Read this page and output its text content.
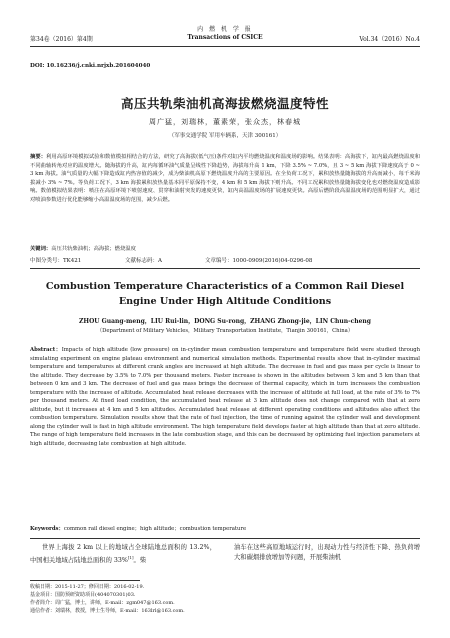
第34卷（2016）第4期
内 燃 机 学 报
Transactions of CSICE	Vol.34（2016）No.4
DOI: 10.16236/j.cnki.nrjxb.201604040
高压共轨柴油机高海拔燃烧温度特性
周广猛，刘瑞林，董素荣，张众杰，林春城
（军事交通学院 军用车辆系，天津 300161）
摘要：利用高原环境模拟试验和数值模拟相结合的方法，研究了高海拔(低气压)条件对缸内平均燃烧温度和温度场的影响。结果表明：高海拔下，缸内最高燃烧温度和不同曲轴转角对应的温度增大。随海拔的升高，缸内每循环油气质量呈线性下降趋势，海拔每升高 1 km，下降 3.5% ~ 7.0%，且 3 ~ 5 km 海拔下降速度高于 0 ~ 3 km 海拔。油气质量的大幅下降造成缸内热容值的减少，成为柴油机高原下燃烧温度升高的主要原因。在全负荷工况下，累积放热量随海拔的升高而减小，每千米海拔减小 3% ~ 7%。等负荷工况下，3 km 海拔累积放热量基本同平原保持不变，4 km 和 5 km 海拔下则升高。不同工况累积放热量随海拔变化也对燃烧温度造成影响。数值模拟结果表明：喷注在高原环境下喷射速度、贯穿和油射突发的速度更快，缸内高温温度场的扩展速度更快。高原后燃阶段高温温度场的范围明显扩大，通过对喷油参数进行优化能够缩小高温温度场的范围，减少后燃。
关键词：高压共轨柴油机；高海拔；燃烧温度
中图分类号：TK421	文献标志码：A	文章编号：1000-0909(2016)04-0296-08
Combustion Temperature Characteristics of a Common Rail Diesel
Engine Under High Altitude Conditions
ZHOU Guang-meng，LIU Rui-lin，DONG Su-rong，ZHANG Zhong-jie，LIN Chun-cheng
（Department of Military Vehicles，Military Transportation Institute，Tianjin 300161，China）
Abstract：Impacts of high altitude (low pressure) on in-cylinder mean combustion temperature and temperature field were studied through simulating experiment on engine plateau environment and numerical simulation methods. Experimental results show that in-cylinder maximal temperature and temperatures at different crank angles are increased at high altitude. The decrease in fuel and gas mass per cycle is linear to the altitude. They decrease by 3.5% to 7.0% per thousand meters. Faster increase is shown in the altitudes between 3 km and 5 km than that between 0 km and 3 km. The decrease of fuel and gas mass brings the decrease of thermal capacity, which in turn increases the combustion temperature with the increase of altitude. Accumulated heat release decreases with the increase of altitude at full load, at the rate of 3% to 7% per thousand meters. At fixed load condition, the accumulated heat release at 3 km altitude does not change compared with that at zero altitude, but it increases at 4 km and 5 km altitudes. Accumulated heat release at different operating conditions and altitudes also affect the combustion temperature. Simulation results show that the rate of fuel injection, the time of running against the cylinder wall and development along the cylinder wall is fast in high altitude environment. The high temperature field develops faster at high altitude than that at zero altitude. The range of high temperature field increases in the late combustion stage, and this can be decreased by optimizing fuel injection parameters at high altitude, decreasing late combustion at high altitude.
Keywords：common rail diesel engine；high altitude；combustion temperature
世界上海拔 2 km 以上的地域占全球陆地总面积的 13.2%，中国相关地域占陆地总面积的 33%[1]。柴
油车在这些高原地域运行时，出现动力性与经济性下降、热负荷增大和碳烟排放增加等问题，开展柴油机
收稿日期：2015-11-27；修回日期：2016-02-19.
基金项目：国防预研资助项目(404070301)03.
作者简介：周广猛，博士，讲师，E-mail：zgm047@163.com.
通信作者：刘瑞林，教授，博士生导师，E-mail：163lrl@163.com.
